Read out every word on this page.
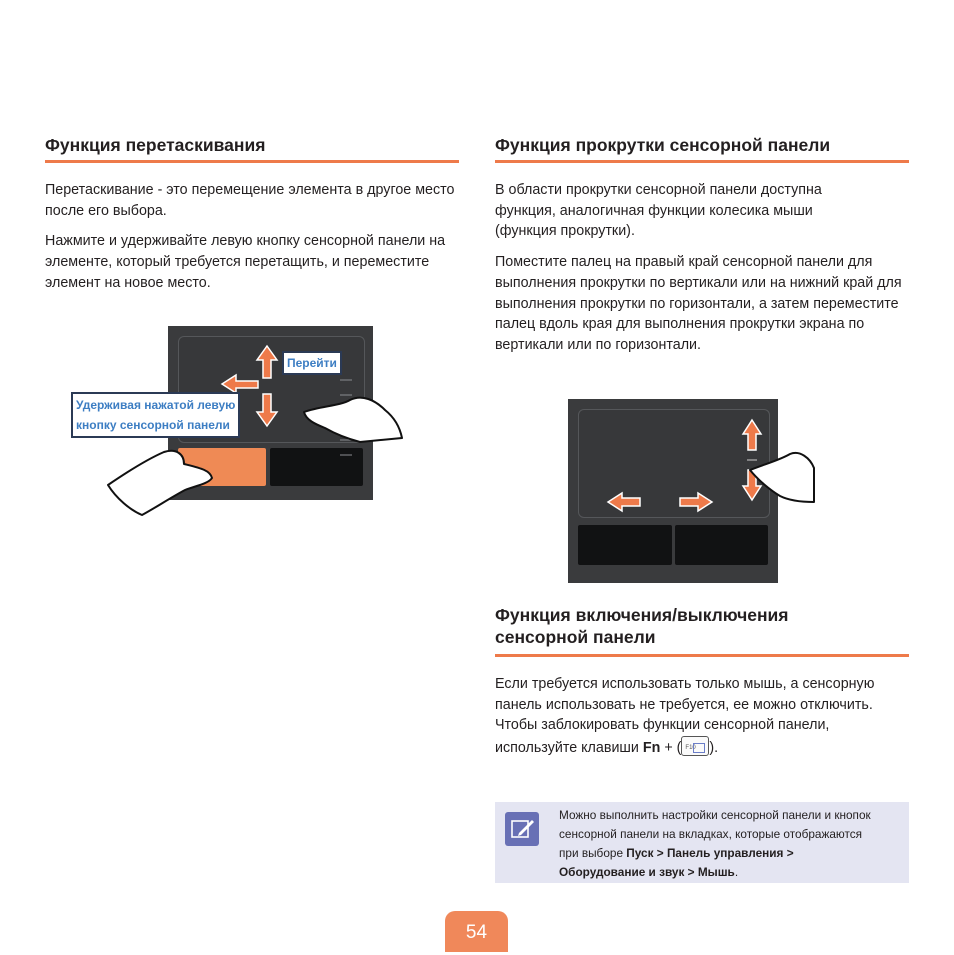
Функция перетаскивания

Перетаскивание - это перемещение элемента в другое место после его выбора.

Нажмите и удерживайте левую кнопку сенсорной панели на элементе, который требуется перетащить, и переместите элемент на новое место.

Перейти
Удерживая нажатой левую
кнопку сенсорной панели
Функция прокрутки сенсорной панели

В области прокрутки сенсорной панели доступна функция, аналогичная функции колесика мыши (функция прокрутки).

Поместите палец на правый край сенсорной панели для выполнения прокрутки по вертикали или на нижний край для выполнения прокрутки по горизонтали, а затем переместите палец вдоль края для выполнения прокрутки экрана по вертикали или по горизонтали.

Функция включения/выключения
сенсорной панели

Если требуется использовать только мышь, а сенсорную панель использовать не требуется, ее можно отключить.

Чтобы заблокировать функции сенсорной панели, используйте клавиши Fn + ( F10 ).

Можно выполнить настройки сенсорной панели и кнопок сенсорной панели на вкладках, которые отображаются при выборе Пуск > Панель управления > Оборудование и звук > Мышь.
54
